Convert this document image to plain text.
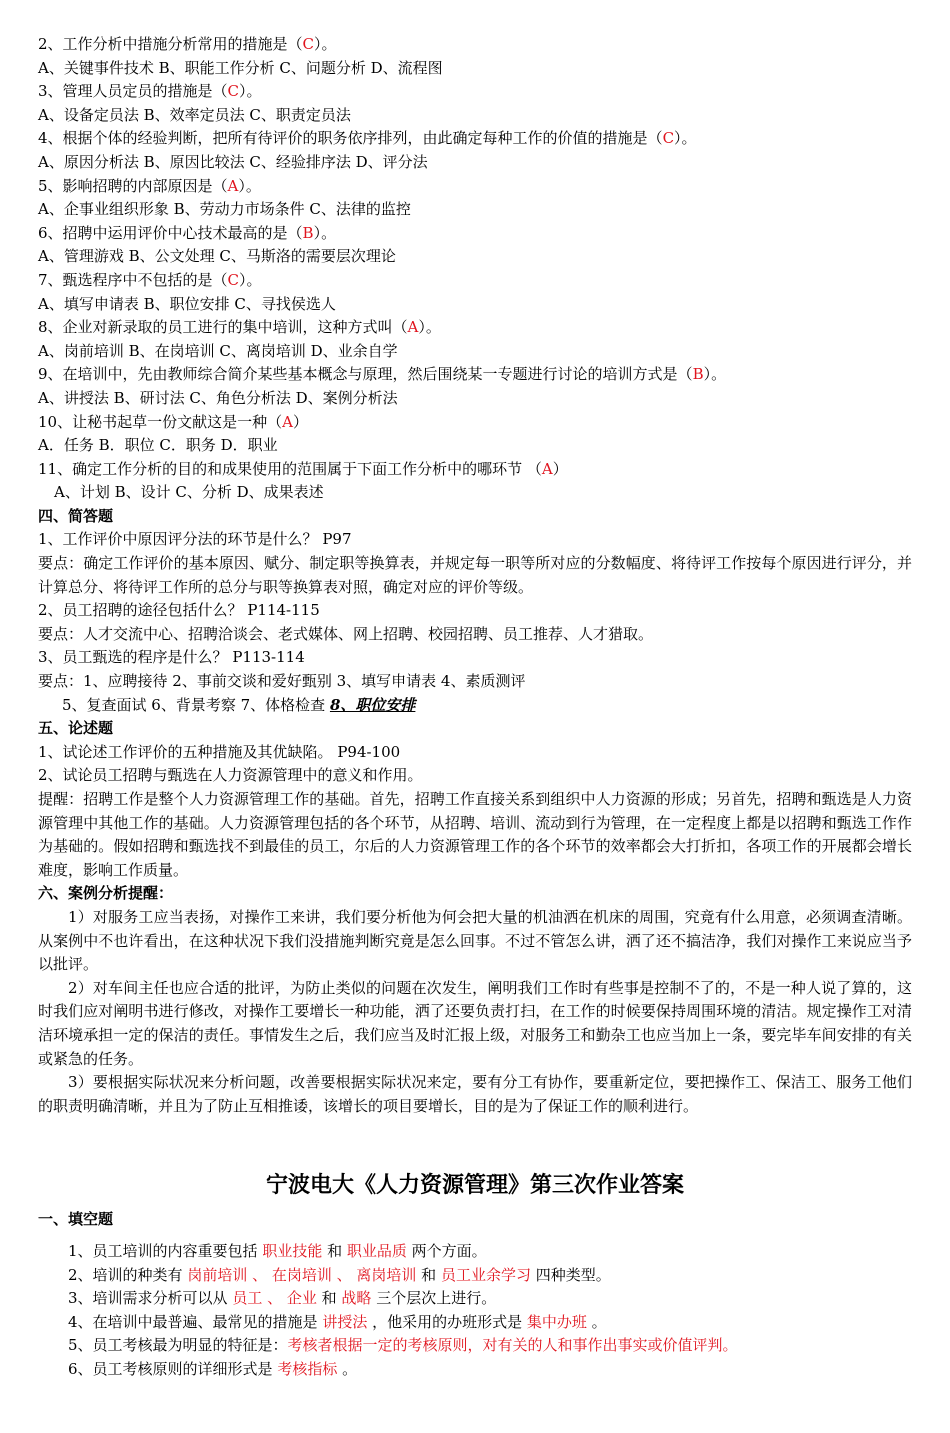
2、工作分析中措施分析常用的措施是（C）。
A、关键事件技术 B、职能工作分析 C、问题分析 D、流程图
3、管理人员定员的措施是（C）。
A、设备定员法 B、效率定员法 C、职责定员法
4、根据个体的经验判断，把所有待评价的职务依序排列，由此确定每种工作的价值的措施是（C）。
A、原因分析法 B、原因比较法 C、经验排序法 D、评分法
5、影响招聘的内部原因是（A）。
A、企事业组织形象 B、劳动力市场条件 C、法律的监控
6、招聘中运用评价中心技术最高的是（B）。
A、管理游戏 B、公文处理 C、马斯洛的需要层次理论
7、甄选程序中不包括的是（C）。
A、填写申请表 B、职位安排 C、寻找侯选人
8、企业对新录取的员工进行的集中培训，这种方式叫（A）。
A、岗前培训 B、在岗培训 C、离岗培训 D、业余自学
9、在培训中，先由教师综合简介某些基本概念与原理，然后围绕某一专题进行讨论的培训方式是（B）。
A、讲授法 B、研讨法 C、角色分析法 D、案例分析法
10、让秘书起草一份文献这是一种（A）
A．任务 B．职位 C．职务 D．职业
11、确定工作分析的目的和成果使用的范围属于下面工作分析中的哪环节 （A）
A、计划 B、设计 C、分析 D、成果表述
四、简答题
1、工作评价中原因评分法的环节是什么？ P97
要点：确定工作评价的基本原因、赋分、制定职等换算表，并规定每一职等所对应的分数幅度、将待评工作按每个原因进行评分，并计算总分、将待评工作所的总分与职等换算表对照，确定对应的评价等级。
2、员工招聘的途径包括什么？ P114-115
要点：人才交流中心、招聘洽谈会、老式媒体、网上招聘、校园招聘、员工推荐、人才猎取。
3、员工甄选的程序是什么？ P113-114
要点：1、应聘接待 2、事前交谈和爱好甄别 3、填写申请表 4、素质测评
5、复查面试 6、背景考察 7、体格检查 8、职位安排
五、论述题
1、试论述工作评价的五种措施及其优缺陷。 P94-100
2、试论员工招聘与甄选在人力资源管理中的意义和作用。
提醒：招聘工作是整个人力资源管理工作的基础。首先，招聘工作直接关系到组织中人力资源的形成；另首先，招聘和甄选是人力资源管理中其他工作的基础。人力资源管理包括的各个环节，从招聘、培训、流动到行为管理，在一定程度上都是以招聘和甄选工作作为基础的。假如招聘和甄选找不到最佳的员工，尔后的人力资源管理工作的各个环节的效率都会大打折扣，各项工作的开展都会增长难度，影响工作质量。
六、案例分析提醒：
1）对服务工应当表扬，对操作工来讲，我们要分析他为何会把大量的机油洒在机床的周围，究竟有什么用意，必须调查清晰。从案例中不也许看出，在这种状况下我们没措施判断究竟是怎么回事。不过不管怎么讲，洒了还不搞洁净，我们对操作工来说应当予以批评。
2）对车间主任也应合适的批评，为防止类似的问题在次发生，阐明我们工作时有些事是控制不了的，不是一种人说了算的，这时我们应对阐明书进行修改，对操作工要增长一种功能，洒了还要负责打扫，在工作的时候要保持周围环境的清洁。规定操作工对清洁环境承担一定的保洁的责任。事情发生之后，我们应当及时汇报上级，对服务工和勤杂工也应当加上一条，要完毕车间安排的有关或紧急的任务。
3）要根据实际状况来分析问题，改善要根据实际状况来定，要有分工有协作，要重新定位，要把操作工、保洁工、服务工他们的职责明确清晰，并且为了防止互相推诿，该增长的项目要增长，目的是为了保证工作的顺利进行。
宁波电大《人力资源管理》第三次作业答案
一、填空题
1、员工培训的内容重要包括 职业技能 和 职业品质 两个方面。
2、培训的种类有 岗前培训 、 在岗培训 、 离岗培训 和 员工业余学习 四种类型。
3、培训需求分析可以从 员工 、 企业 和 战略 三个层次上进行。
4、在培训中最普遍、最常见的措施是 讲授法 ，他采用的办班形式是 集中办班 。
5、员工考核最为明显的特征是：考核者根据一定的考核原则，对有关的人和事作出事实或价值评判。
6、员工考核原则的详细形式是 考核指标 。
